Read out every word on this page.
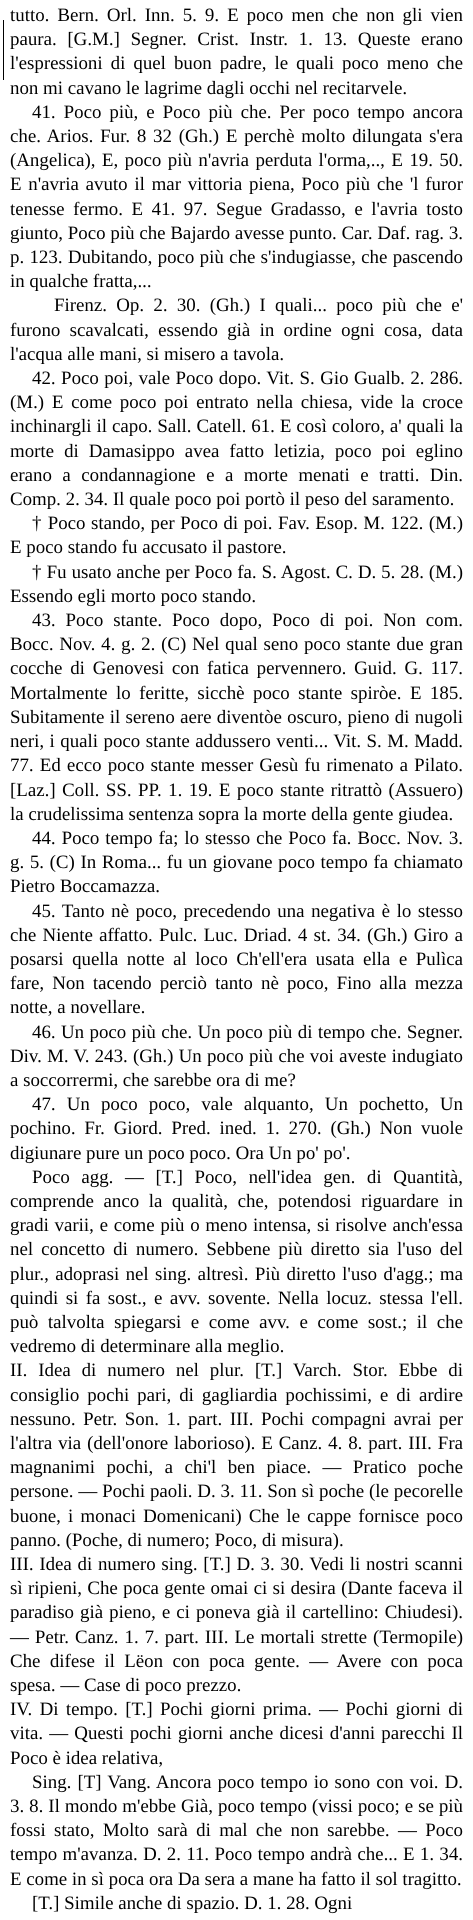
tutto. Bern. Orl. Inn. 5. 9. E poco men che non gli vien paura. [G.M.] Segner. Crist. Instr. 1. 13. Queste erano l'espressioni di quel buon padre, le quali poco meno che non mi cavano le lagrime dagli occhi nel recitarvele.

41. Poco più, e Poco più che. Per poco tempo ancora che. Arios. Fur. 8 32 (Gh.) E perchè molto dilungata s'era (Angelica), E, poco più n'avria perduta l'orma,.., E 19. 50. E n'avria avuto il mar vittoria piena, Poco più che 'l furor tenesse fermo. E 41. 97. Segue Gradasso, e l'avria tosto giunto, Poco più che Bajardo avesse punto. Car. Daf. rag. 3. p. 123. Dubitando, poco più che s'indugiasse, che pascendo in qualche fratta,...

Firenz. Op. 2. 30. (Gh.) I quali... poco più che e' furono scavalcati, essendo già in ordine ogni cosa, data l'acqua alle mani, si misero a tavola.

42. Poco poi, vale Poco dopo. Vit. S. Gio Gualb. 2. 286. (M.) E come poco poi entrato nella chiesa, vide la croce inchinargli il capo. Sall. Catell. 61. E così coloro, a' quali la morte di Damasippo avea fatto letizia, poco poi eglino erano a condannagione e a morte menati e tratti. Din. Comp. 2. 34. Il quale poco poi portò il peso del saramento.

† Poco stando, per Poco di poi. Fav. Esop. M. 122. (M.) E poco stando fu accusato il pastore.

† Fu usato anche per Poco fa. S. Agost. C. D. 5. 28. (M.) Essendo egli morto poco stando.

43. Poco stante. Poco dopo, Poco di poi. Non com. Bocc. Nov. 4. g. 2. (C) Nel qual seno poco stante due gran cocche di Genovesi con fatica pervennero. Guid. G. 117. Mortalmente lo feritte, sicchè poco stante spiròe. E 185. Subitamente il sereno aere diventòe oscuro, pieno di nugoli neri, i quali poco stante addussero venti... Vit. S. M. Madd. 77. Ed ecco poco stante messer Gesù fu rimenato a Pilato. [Laz.] Coll. SS. PP. 1. 19. E poco stante ritrattò (Assuero) la crudelissima sentenza sopra la morte della gente giudea.

44. Poco tempo fa; lo stesso che Poco fa. Bocc. Nov. 3. g. 5. (C) In Roma... fu un giovane poco tempo fa chiamato Pietro Boccamazza.

45. Tanto nè poco, precedendo una negativa è lo stesso che Niente affatto. Pulc. Luc. Driad. 4 st. 34. (Gh.) Giro a posarsi quella notte al loco Ch'ell'era usata ella e Pulìca fare, Non tacendo perciò tanto nè poco, Fino alla mezza notte, a novellare.

46. Un poco più che. Un poco più di tempo che. Segner. Div. M. V. 243. (Gh.) Un poco più che voi aveste indugiato a soccorrermi, che sarebbe ora di me?

47. Un poco poco, vale alquanto, Un pochetto, Un pochino. Fr. Giord. Pred. ined. 1. 270. (Gh.) Non vuole digiunare pure un poco poco. Ora Un po' po'.

Poco agg. — [T.] Poco, nell'idea gen. di Quantità, comprende anco la qualità, che, potendosi riguardare in gradi varii, e come più o meno intensa, si risolve anch'essa nel concetto di numero. Sebbene più diretto sia l'uso del plur., adoprasi nel sing. altresì. Più diretto l'uso d'agg.; ma quindi si fa sost., e avv. sovente. Nella locuz. stessa l'ell. può talvolta spiegarsi e come avv. e come sost.; il che vedremo di determinare alla meglio.

II. Idea di numero nel plur. [T.] Varch. Stor. Ebbe di consiglio pochi pari, di gagliardia pochissimi, e di ardire nessuno. Petr. Son. 1. part. III. Pochi compagni avrai per l'altra via (dell'onore laborioso). E Canz. 4. 8. part. III. Fra magnanimi pochi, a chi'l ben piace. — Pratico poche persone. — Pochi paoli. D. 3. 11. Son sì poche (le pecorelle buone, i monaci Domenicani) Che le cappe fornisce poco panno. (Poche, di numero; Poco, di misura).

III. Idea di numero sing. [T.] D. 3. 30. Vedi li nostri scanni sì ripieni, Che poca gente omai ci si desira (Dante faceva il paradiso già pieno, e ci poneva già il cartellino: Chiudesi). — Petr. Canz. 1. 7. part. III. Le mortali strette (Termopile) Che difese il Lëon con poca gente. — Avere con poca spesa. — Case di poco prezzo.

IV. Di tempo. [T.] Pochi giorni prima. — Pochi giorni di vita. — Questi pochi giorni anche dicesi d'anni parecchi Il Poco è idea relativa,

Sing. [T] Vang. Ancora poco tempo io sono con voi. D. 3. 8. Il mondo m'ebbe Già, poco tempo (vissi poco; e se più fossi stato, Molto sarà di mal che non sarebbe. — Poco tempo m'avanza. D. 2. 11. Poco tempo andrà che... E 1. 34. E come in sì poca ora Da sera a mane ha fatto il sol tragitto.

[T.] Simile anche di spazio. D. 1. 28. Ogni
